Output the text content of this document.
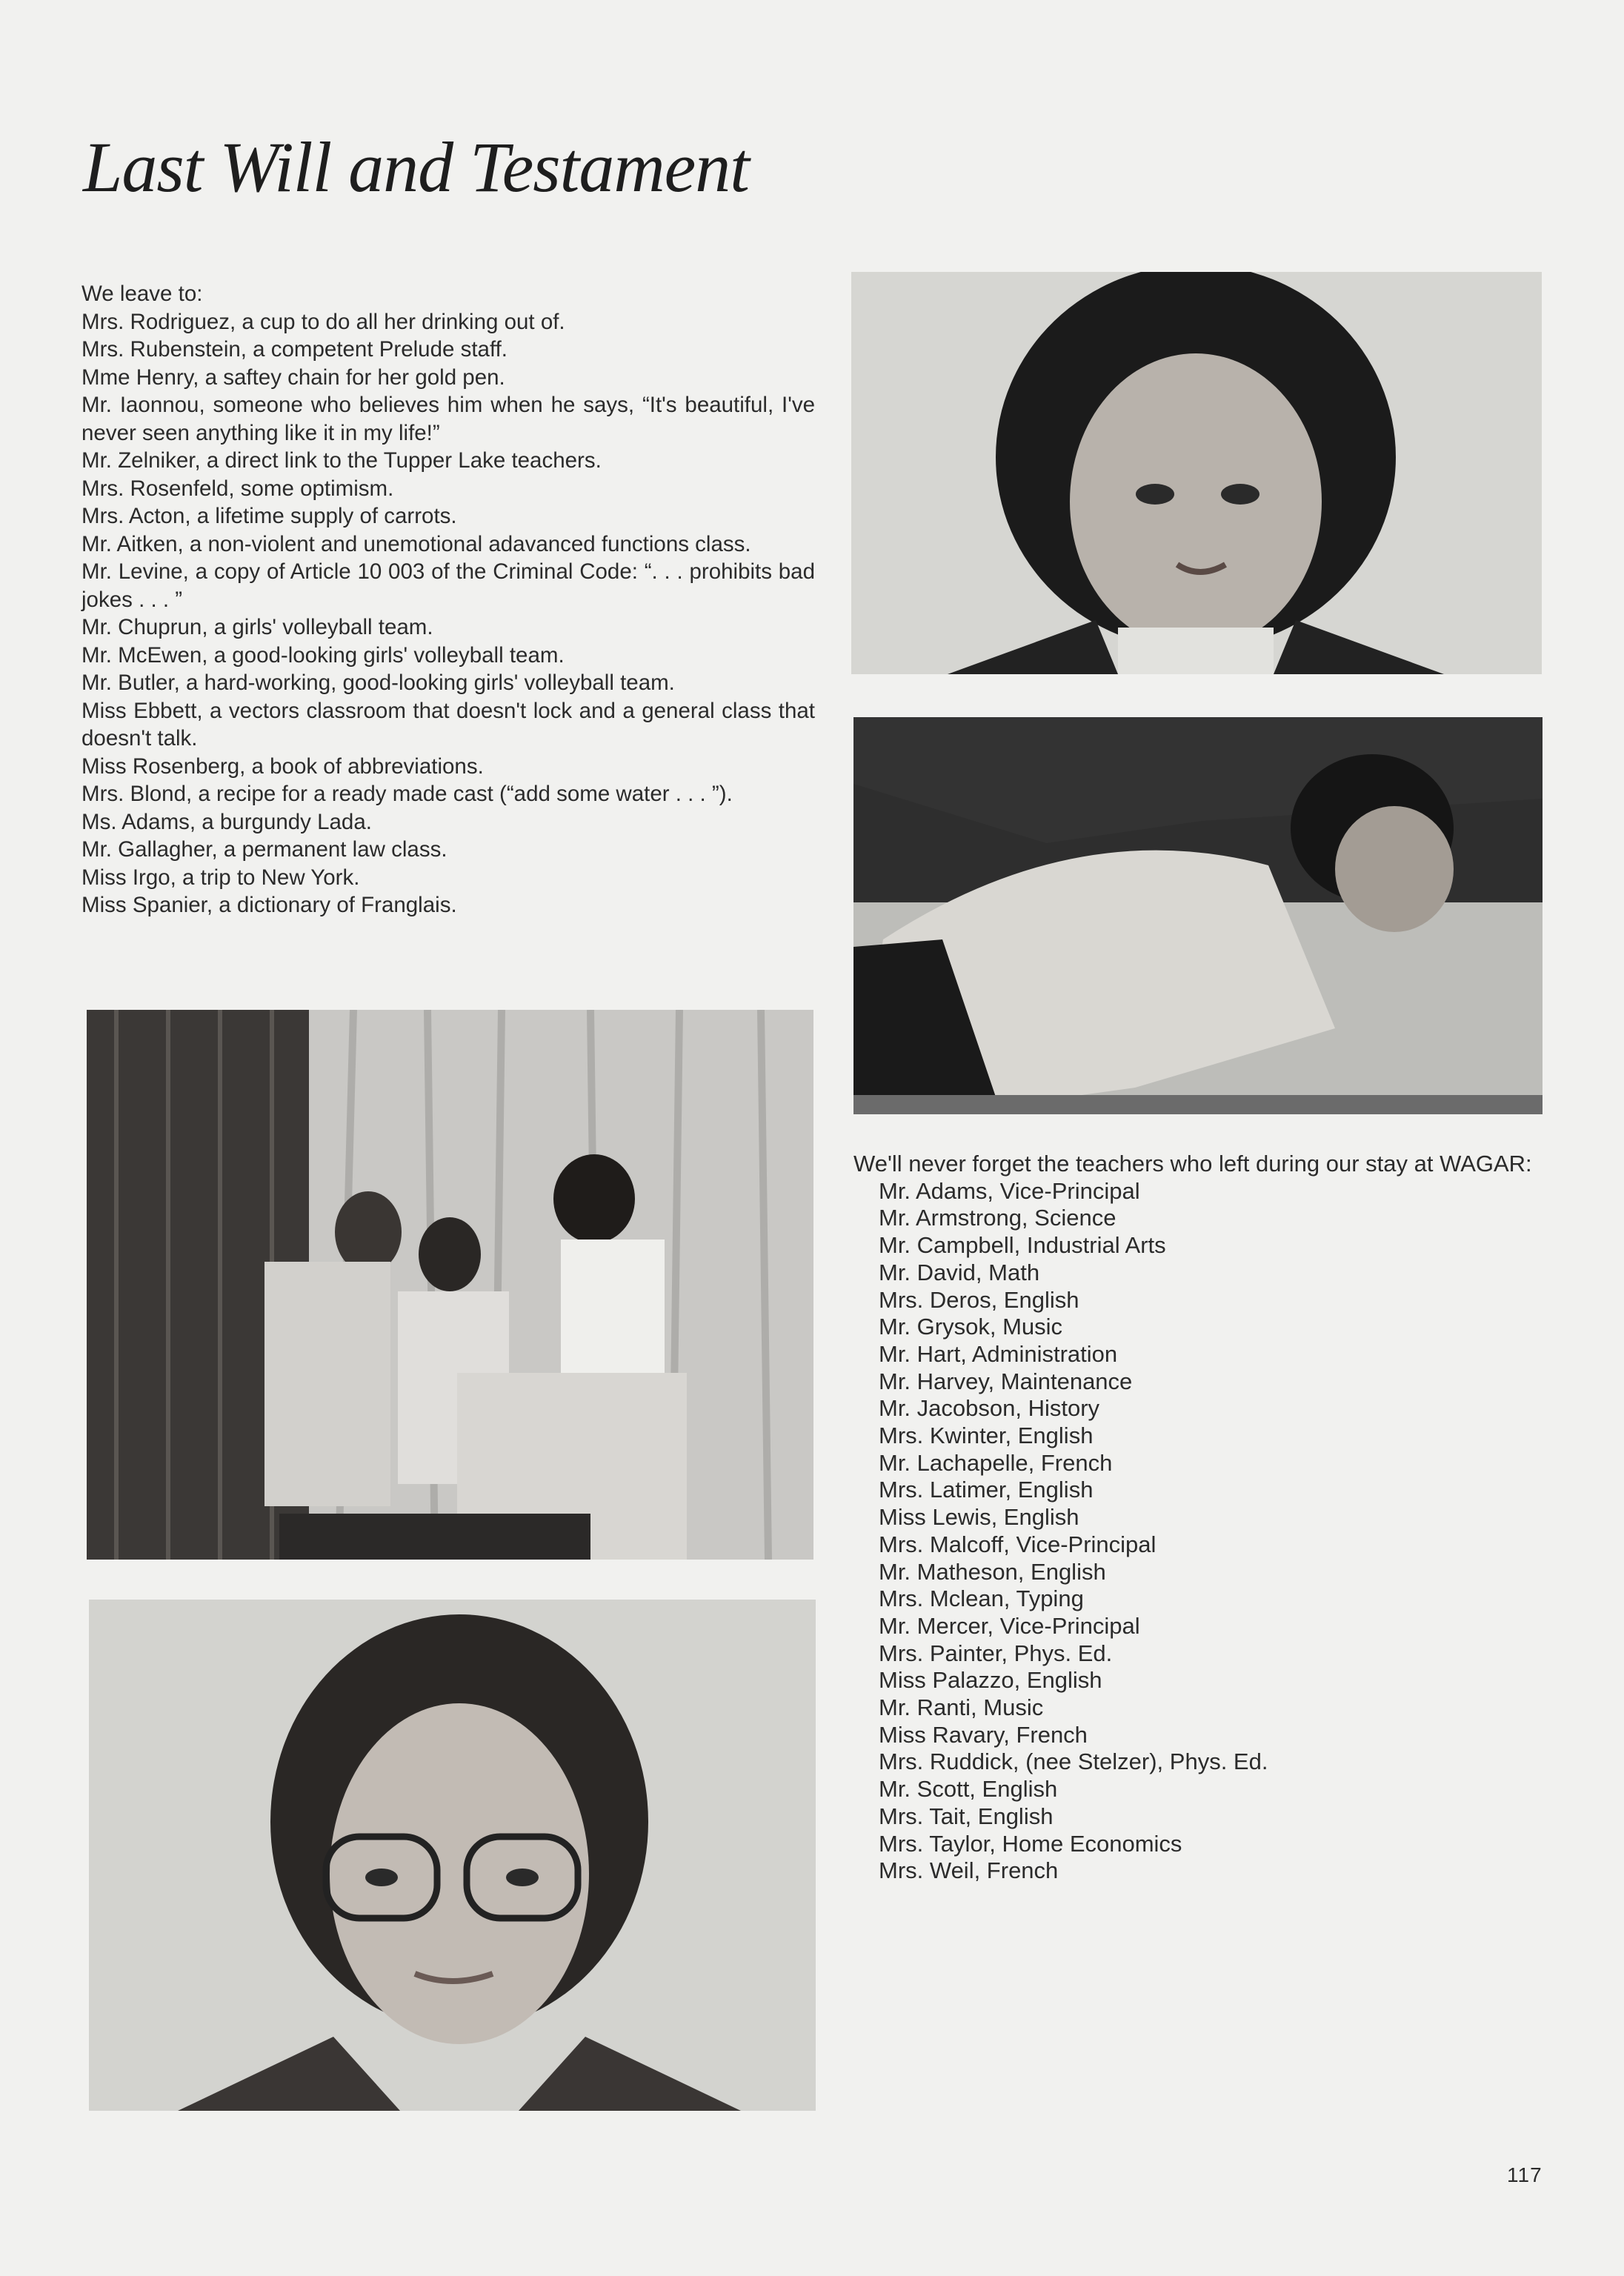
Last Will and Testament

We leave to:

Mrs. Rodriguez, a cup to do all her drinking out of.

Mrs. Rubenstein, a competent Prelude staff.

Mme Henry, a saftey chain for her gold pen.

Mr. Iaonnou, someone who believes him when he says, “It's beautiful, I've never seen anything like it in my life!”

Mr. Zelniker, a direct link to the Tupper Lake teachers.

Mrs. Rosenfeld, some optimism.

Mrs. Acton, a lifetime supply of carrots.

Mr. Aitken, a non-violent and unemotional adavanced functions class.

Mr. Levine, a copy of Article 10 003 of the Criminal Code: “. . . prohibits bad jokes . . . ”

Mr. Chuprun, a girls' volleyball team.

Mr. McEwen, a good-looking girls' volleyball team.

Mr. Butler, a hard-working, good-looking girls' volleyball team.

Miss Ebbett, a vectors classroom that doesn't lock and a general class that doesn't talk.

Miss Rosenberg, a book of abbreviations.

Mrs. Blond, a recipe for a ready made cast (“add some water . . . ”).

Ms. Adams, a burgundy Lada.

Mr. Gallagher, a permanent law class.

Miss Irgo, a trip to New York.

Miss Spanier, a dictionary of Franglais.

We'll never forget the teachers who left during our stay at WAGAR:

Mr. Adams, Vice-Principal
Mr. Armstrong, Science
Mr. Campbell, Industrial Arts
Mr. David, Math
Mrs. Deros, English
Mr. Grysok, Music
Mr. Hart, Administration
Mr. Harvey, Maintenance
Mr. Jacobson, History
Mrs. Kwinter, English
Mr. Lachapelle, French
Mrs. Latimer, English
Miss Lewis, English
Mrs. Malcoff, Vice-Principal
Mr. Matheson, English
Mrs. Mclean, Typing
Mr. Mercer, Vice-Principal
Mrs. Painter, Phys. Ed.
Miss Palazzo, English
Mr. Ranti, Music
Miss Ravary, French
Mrs. Ruddick, (nee Stelzer), Phys. Ed.
Mr. Scott, English
Mrs. Tait, English
Mrs. Taylor, Home Economics
Mrs. Weil, French
117
